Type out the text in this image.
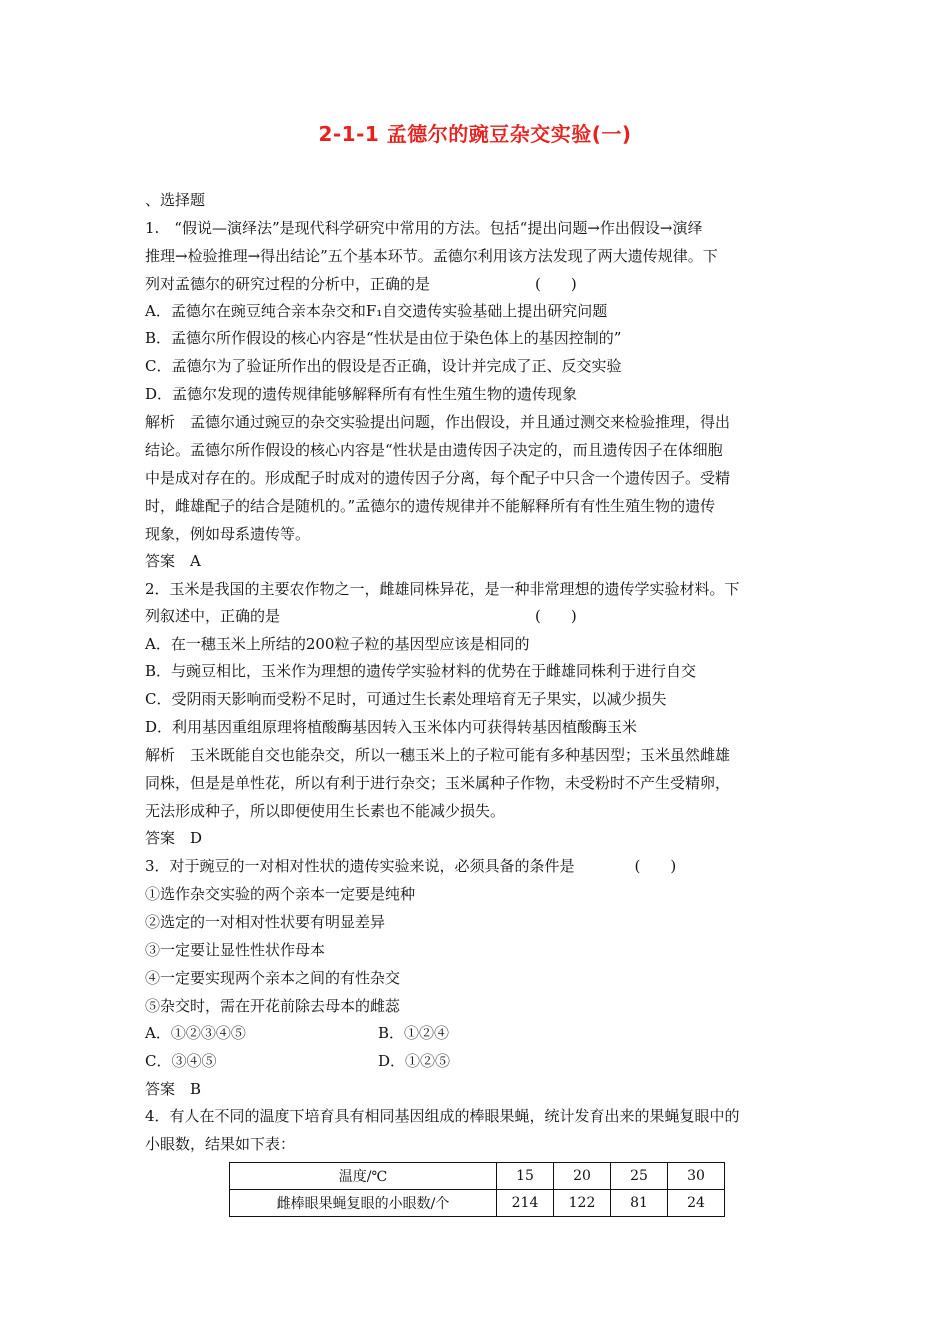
2-1-1 孟德尔的豌豆杂交实验(一)
、选择题
1.　“假说—演绎法”是现代科学研究中常用的方法。包括“提出问题→作出假设→演绎
推理→检验推理→得出结论”五个基本环节。孟德尔利用该方法发现了两大遗传规律。下
列对孟德尔的研究过程的分析中，正确的是　　　　　　　(　　)
A．孟德尔在豌豆纯合亲本杂交和F₁自交遗传实验基础上提出研究问题
B．孟德尔所作假设的核心内容是“性状是由位于染色体上的基因控制的”
C．孟德尔为了验证所作出的假设是否正确，设计并完成了正、反交实验
D．孟德尔发现的遗传规律能够解释所有有性生殖生物的遗传现象
解析　孟德尔通过豌豆的杂交实验提出问题，作出假设，并且通过测交来检验推理，得出
结论。孟德尔所作假设的核心内容是“性状是由遗传因子决定的，而且遗传因子在体细胞
中是成对存在的。形成配子时成对的遗传因子分离，每个配子中只含一个遗传因子。受精
时，雌雄配子的结合是随机的。”孟德尔的遗传规律并不能解释所有有性生殖生物的遗传
现象，例如母系遗传等。
答案　A
2．玉米是我国的主要农作物之一，雌雄同株异花，是一种非常理想的遗传学实验材料。下
列叙述中，正确的是　　　　　　　　　　　　　　　　　(　　)
A．在一穗玉米上所结的200粒子粒的基因型应该是相同的
B．与豌豆相比，玉米作为理想的遗传学实验材料的优势在于雌雄同株利于进行自交
C．受阴雨天影响而受粉不足时，可通过生长素处理培育无子果实，以减少损失
D．利用基因重组原理将植酸酶基因转入玉米体内可获得转基因植酸酶玉米
解析　玉米既能自交也能杂交，所以一穗玉米上的子粒可能有多种基因型；玉米虽然雌雄
同株，但是是单性花，所以有利于进行杂交；玉米属种子作物，未受粉时不产生受精卵，
无法形成种子，所以即便使用生长素也不能减少损失。
答案　D
3．对于豌豆的一对相对性状的遗传实验来说，必须具备的条件是　　　　(　　)
①选作杂交实验的两个亲本一定要是纯种
②选定的一对相对性状要有明显差异
③一定要让显性性状作母本
④一定要实现两个亲本之间的有性杂交
⑤杂交时，需在开花前除去母本的雌蕊
A．①②③④⑤	B．①②④
C．③④⑤	D．①②⑤
答案　B
4．有人在不同的温度下培育具有相同基因组成的棒眼果蝇，统计发育出来的果蝇复眼中的
小眼数，结果如下表：
温度/℃	15	20	25	30
雌棒眼果蝇复眼的小眼数/个	214	122	81	24
